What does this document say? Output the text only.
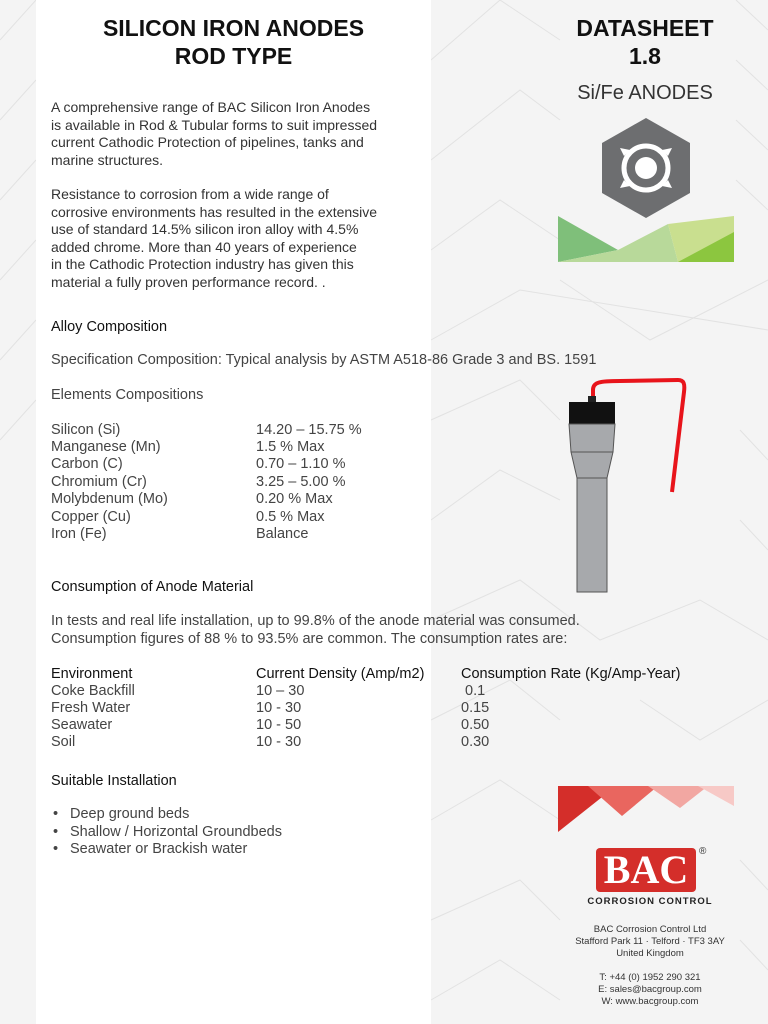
SILICON IRON ANODES
ROD TYPE
DATASHEET
1.8
Si/Fe ANODES
A comprehensive range of BAC Silicon Iron Anodes
is available in Rod & Tubular forms to suit impressed
current Cathodic Protection of pipelines, tanks and
marine structures.
Resistance to corrosion from a wide range of
corrosive environments has resulted in the extensive
use of standard 14.5% silicon iron alloy with 4.5%
added chrome. More than 40 years of experience
in the Cathodic Protection industry has given this
material a fully proven performance record. .
Alloy Composition

Specification Composition: Typical analysis by ASTM A518-86 Grade 3 and BS. 1591

Elements Compositions

Silicon (Si)	14.20 – 15.75 %
Manganese (Mn)	1.5 % Max
Carbon (C)	0.70 – 1.10 %
Chromium (Cr)	3.25 – 5.00 %
Molybdenum (Mo)	0.20 % Max
Copper (Cu)	0.5 % Max
Iron (Fe)	Balance
Consumption of Anode Material
In tests and real life installation, up to 99.8% of the anode material was consumed.
Consumption figures of 88 % to 93.5% are common. The consumption rates are:
Environment	Current Density (Amp/m2)	Consumption Rate (Kg/Amp-Year)
Coke Backfill	10 – 30	0.1
Fresh Water	10 - 30	0.15
Seawater	10 - 50	0.50
Soil	10 - 30	0.30
Suitable Installation
• Deep ground beds
• Shallow / Horizontal Groundbeds
• Seawater or Brackish water	BAC	®
CORROSION CONTROL
BAC Corrosion Control Ltd
Stafford Park 11 · Telford · TF3 3AY
United Kingdom
T: +44 (0) 1952 290 321
E: sales@bacgroup.com
W: www.bacgroup.com
